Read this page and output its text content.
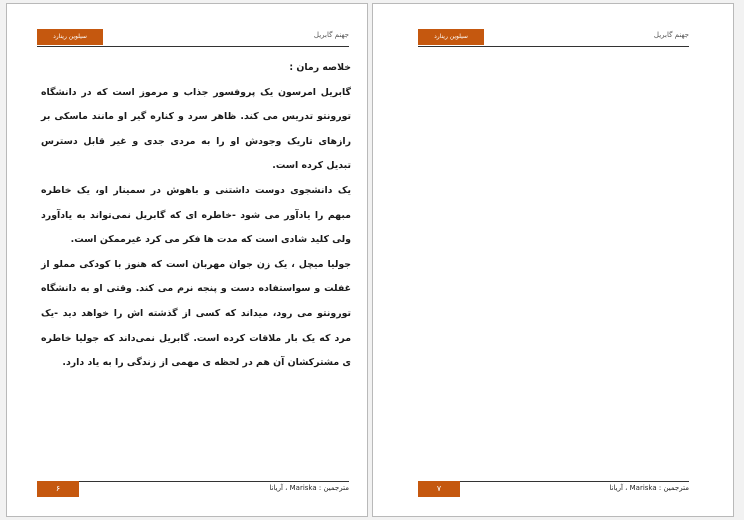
سیلوین رینارد	جهنم گابریل

خلاصه رمان :

گابریل امرسون یک پروفسور جذاب و مرموز است که در دانشگاه تورونتو تدریس می کند. ظاهر سرد و کناره گیر او مانند ماسکی بر رازهای تاریک وجودش او را به مردی جدی و غیر قابل دسترس تبدیل کرده است.

یک دانشجوی دوست داشتنی و باهوش در سمینار او، یک خاطره مبهم را یادآور می شود -خاطره ای که گابریل نمی‌تواند به یادآورد ولی کلید شادی است که مدت ها فکر می کرد غیرممکن است.

جولیا میچل ، یک زن جوان مهربان است که هنوز با کودکی مملو از غفلت و سواستفاده دست و پنجه نرم می کند. وقتی او به دانشگاه تورونتو می رود، میداند که کسی از گذشته اش را خواهد دید -یک مرد که یک بار ملاقات کرده است. گابریل نمی‌داند که جولیا خاطره ی مشترکشان آن هم در لحظه ی مهمی از زندگی را به یاد دارد.

۶	مترجمین : Mariska ، آریانا
سیلوین رینارد	جهنم گابریل
۷	مترجمین : Mariska ، آریانا
